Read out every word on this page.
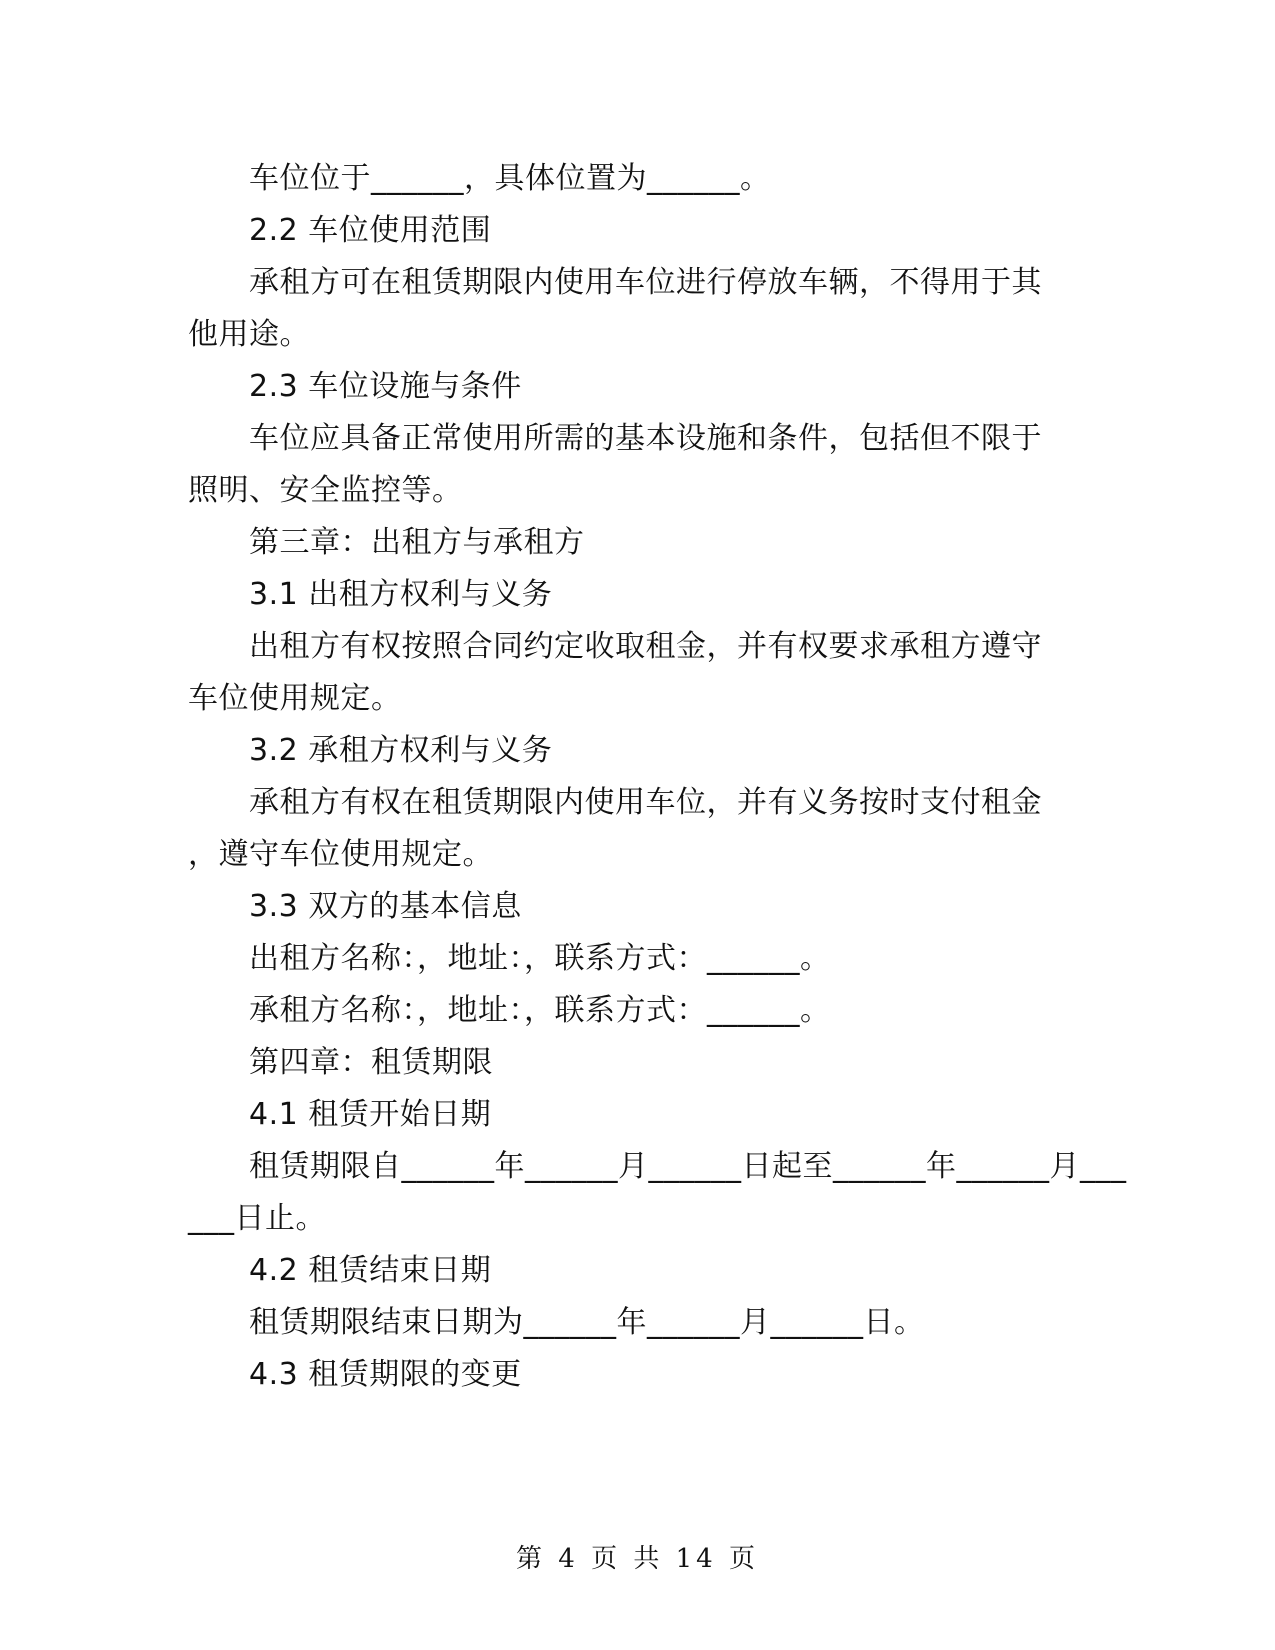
车位位于______，具体位置为______。
2.2 车位使用范围
承租方可在租赁期限内使用车位进行停放车辆，不得用于其
他用途。
2.3 车位设施与条件
车位应具备正常使用所需的基本设施和条件，包括但不限于
照明、安全监控等。
第三章：出租方与承租方
3.1 出租方权利与义务
出租方有权按照合同约定收取租金，并有权要求承租方遵守
车位使用规定。
3.2 承租方权利与义务
承租方有权在租赁期限内使用车位，并有义务按时支付租金
，遵守车位使用规定。
3.3 双方的基本信息
出租方名称：，地址：，联系方式：______。
承租方名称：，地址：，联系方式：______。
第四章：租赁期限
4.1 租赁开始日期
租赁期限自______年______月______日起至______年______月___
___日止。
4.2 租赁结束日期
租赁期限结束日期为______年______月______日。
4.3 租赁期限的变更
第 4 页 共 14 页
